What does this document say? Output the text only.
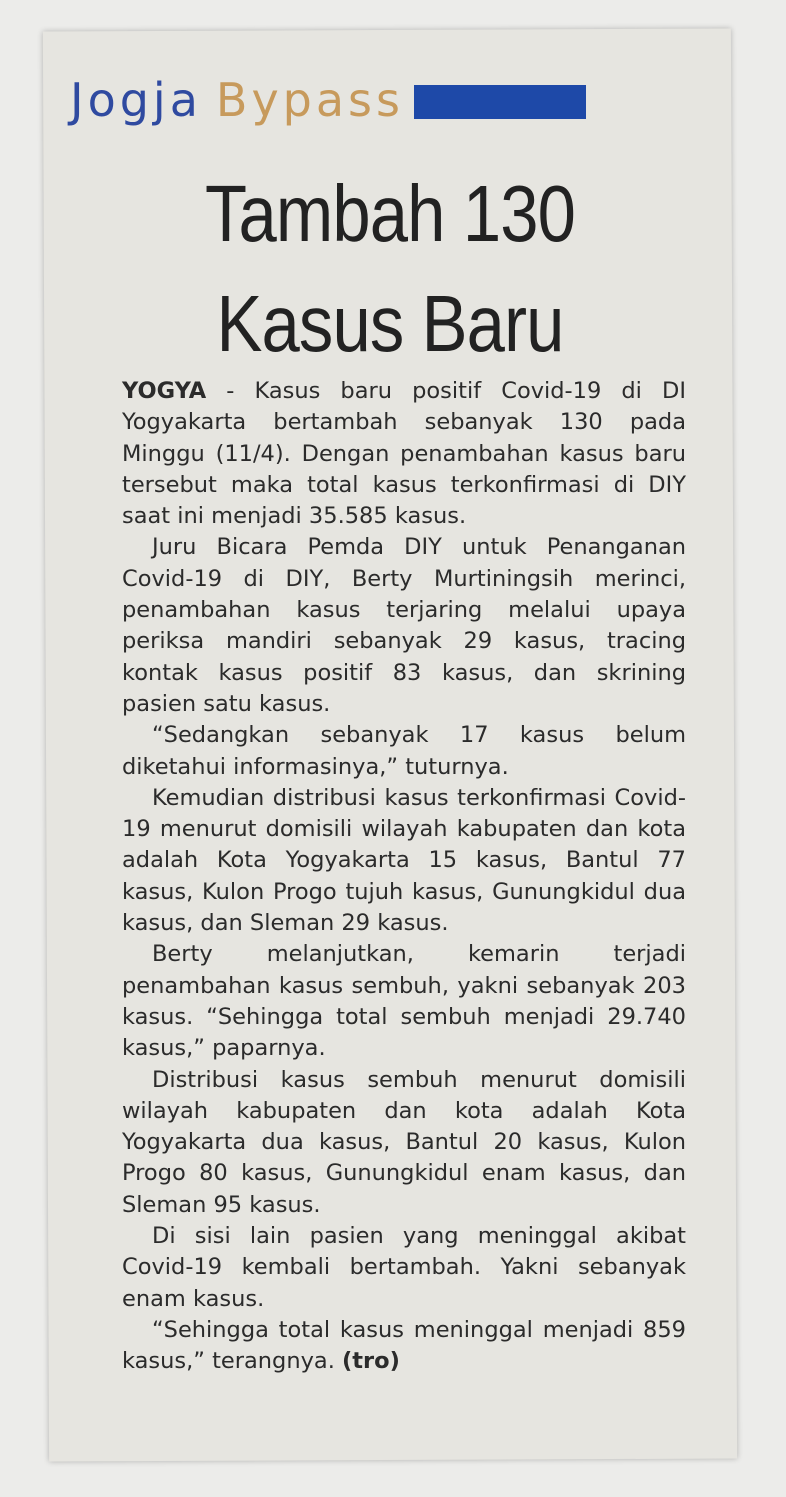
Jogja Bypass
Tambah 130
Kasus Baru

YOGYA - Kasus baru positif Covid-19 di DI Yogyakarta bertambah sebanyak 130 pada Minggu (11/4). Dengan penambahan kasus baru tersebut maka total kasus terkonfirmasi di DIY saat ini menjadi 35.585 kasus.

Juru Bicara Pemda DIY untuk Penanganan Covid-19 di DIY, Berty Murtiningsih merinci, penambahan kasus terjaring melalui upaya periksa mandiri sebanyak 29 kasus, tracing kontak kasus positif 83 kasus, dan skrining pasien satu kasus.

“Sedangkan sebanyak 17 kasus belum diketahui informasinya,” tuturnya.

Kemudian distribusi kasus terkonfirmasi Covid-19 menurut domisili wilayah kabupaten dan kota adalah Kota Yogyakarta 15 kasus, Bantul 77 kasus, Kulon Progo tujuh kasus, Gunungkidul dua kasus, dan Sleman 29 kasus.

Berty melanjutkan, kemarin terjadi penambahan kasus sembuh, yakni sebanyak 203 kasus. “Sehingga total sembuh menjadi 29.740 kasus,” paparnya.

Distribusi kasus sembuh menurut domisili wilayah kabupaten dan kota adalah Kota Yogyakarta dua kasus, Bantul 20 kasus, Kulon Progo 80 kasus, Gunungkidul enam kasus, dan Sleman 95 kasus.

Di sisi lain pasien yang meninggal akibat Covid-19 kembali bertambah. Yakni sebanyak enam kasus.

“Sehingga total kasus meninggal menjadi 859 kasus,” terangnya. (tro)
